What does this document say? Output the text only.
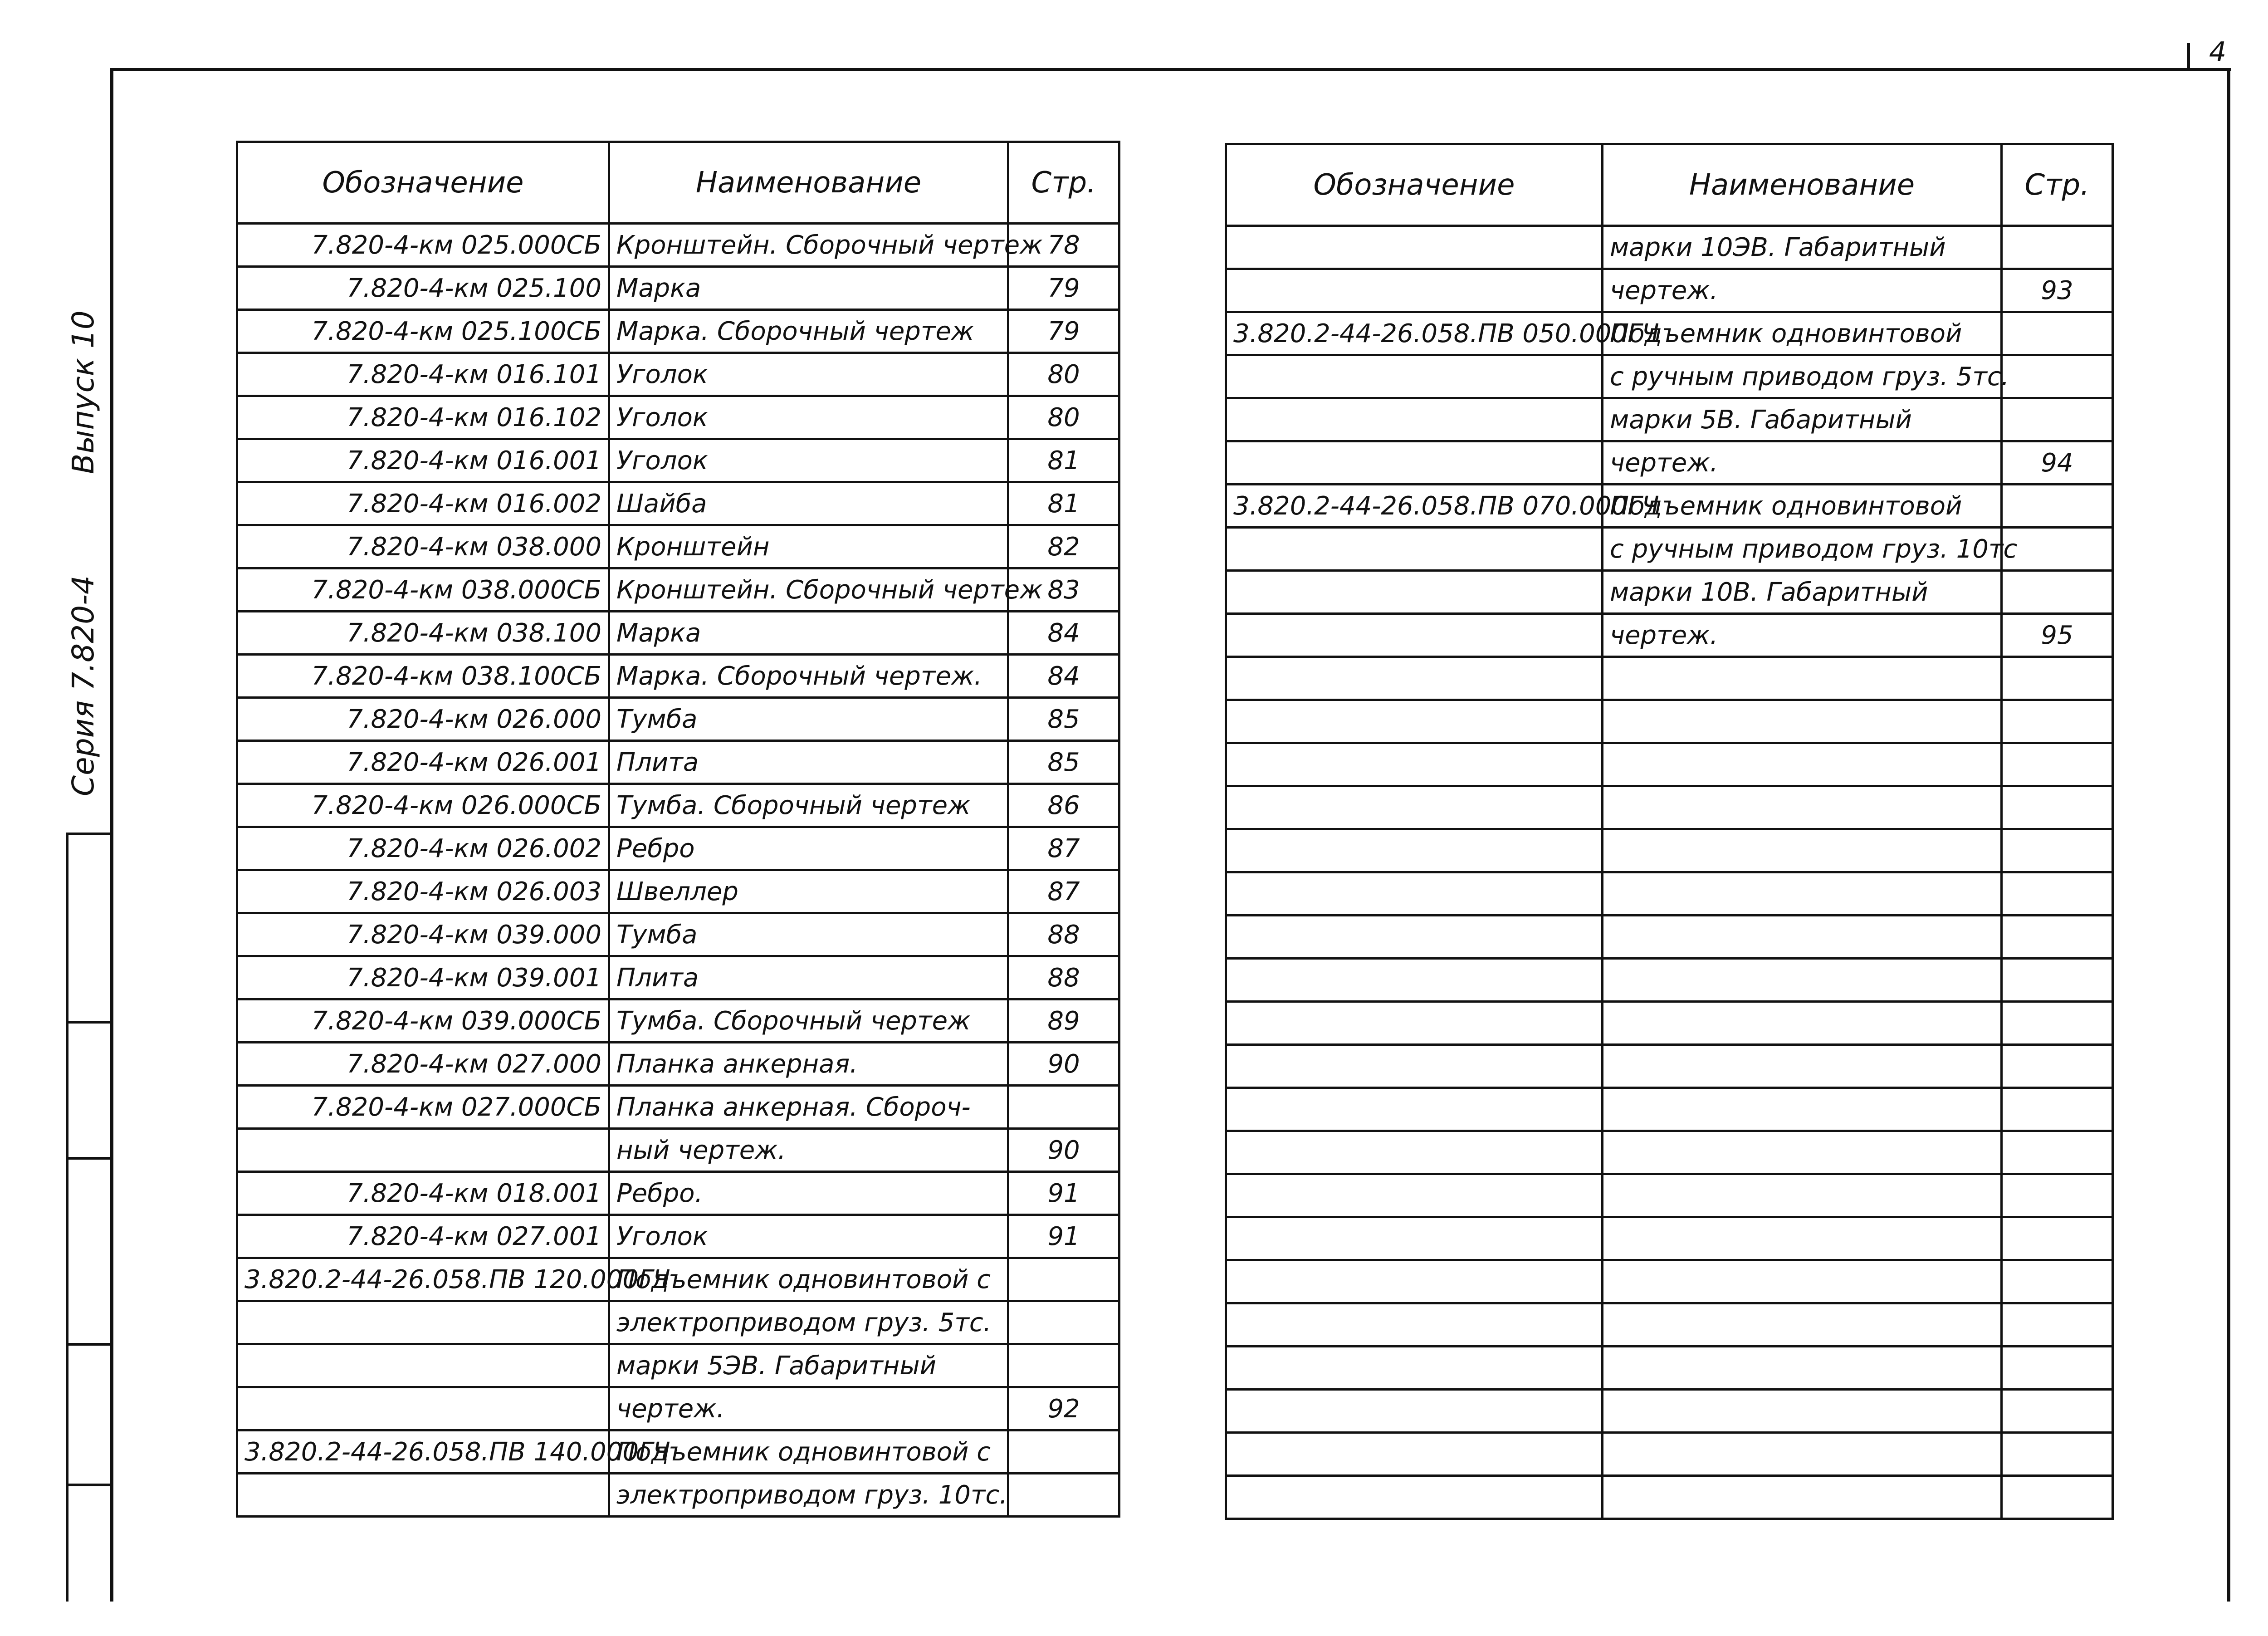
4
Выпуск 10
Серия 7.820-4
Обозначение	Наименование	Стр.
7.820-4-км 025.000СБ	Кронштейн. Сборочный чертеж	78
7.820-4-км 025.100	Марка	79
7.820-4-км 025.100СБ	Марка. Сборочный чертеж	79
7.820-4-км 016.101	Уголок	80
7.820-4-км 016.102	Уголок	80
7.820-4-км 016.001	Уголок	81
7.820-4-км 016.002	Шайба	81
7.820-4-км 038.000	Кронштейн	82
7.820-4-км 038.000СБ	Кронштейн. Сборочный чертеж	83
7.820-4-км 038.100	Марка	84
7.820-4-км 038.100СБ	Марка. Сборочный чертеж.	84
7.820-4-км 026.000	Тумба	85
7.820-4-км 026.001	Плита	85
7.820-4-км 026.000СБ	Тумба. Сборочный чертеж	86
7.820-4-км 026.002	Ребро	87
7.820-4-км 026.003	Швеллер	87
7.820-4-км 039.000	Тумба	88
7.820-4-км 039.001	Плита	88
7.820-4-км 039.000СБ	Тумба. Сборочный чертеж	89
7.820-4-км 027.000	Планка анкерная.	90
7.820-4-км 027.000СБ	Планка анкерная. Сбороч-	
	ный чертеж.	90
7.820-4-км 018.001	Ребро.	91
7.820-4-км 027.001	Уголок	91
3.820.2-44-26.058.ПВ 120.000ГЧ	Подъемник одновинтовой с	
	электроприводом груз. 5тс.	
	марки 5ЭВ. Габаритный	
	чертеж.	92
3.820.2-44-26.058.ПВ 140.000ГЧ	Подъемник одновинтовой с	
	электроприводом груз. 10тс.	
Обозначение	Наименование	Стр.
	марки 10ЭВ. Габаритный	
	чертеж.	93
3.820.2-44-26.058.ПВ 050.000ГЧ	Подъемник одновинтовой	
	с ручным приводом груз. 5тс.	
	марки 5В. Габаритный	
	чертеж.	94
3.820.2-44-26.058.ПВ 070.000ГЧ	Подъемник одновинтовой	
	с ручным приводом груз. 10тс	
	марки 10В. Габаритный	
	чертеж.	95
